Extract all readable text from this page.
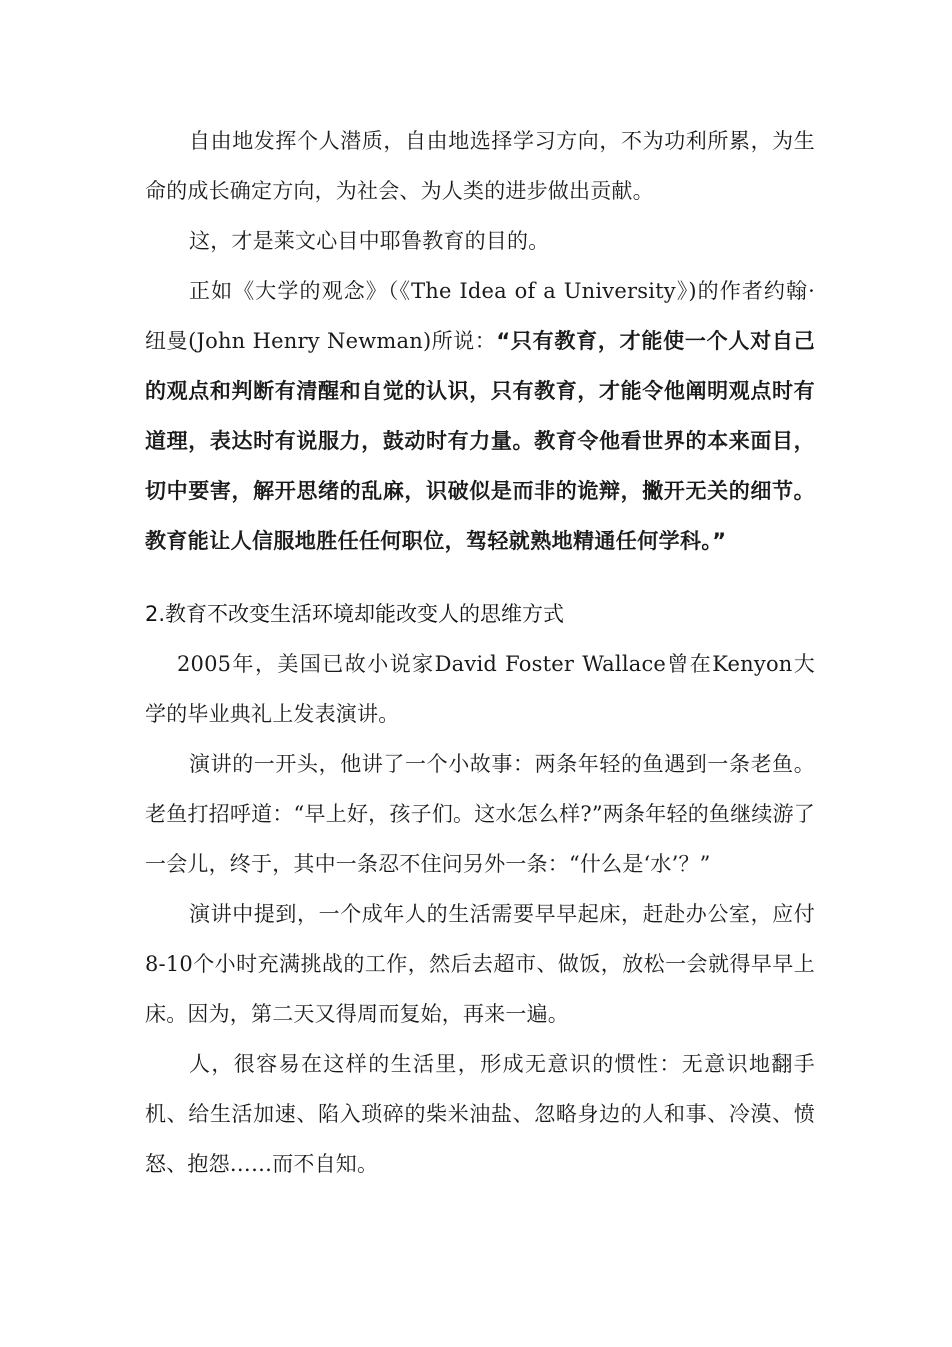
自由地发挥个人潜质，自由地选择学习方向，不为功利所累，为生命的成长确定方向，为社会、为人类的进步做出贡献。

这，才是莱文心目中耶鲁教育的目的。

正如《大学的观念》（《The Idea of a University》)的作者约翰·纽曼(John Henry Newman)所说：“只有教育，才能使一个人对自己的观点和判断有清醒和自觉的认识，只有教育，才能令他阐明观点时有道理，表达时有说服力，鼓动时有力量。教育令他看世界的本来面目，切中要害，解开思绪的乱麻，识破似是而非的诡辩，撇开无关的细节。教育能让人信服地胜任任何职位，驾轻就熟地精通任何学科。”

2.教育不改变生活环境却能改变人的思维方式

2005年，美国已故小说家David Foster Wallace曾在Kenyon大学的毕业典礼上发表演讲。

演讲的一开头，他讲了一个小故事：两条年轻的鱼遇到一条老鱼。老鱼打招呼道：“早上好，孩子们。这水怎么样?”两条年轻的鱼继续游了一会儿，终于，其中一条忍不住问另外一条：“什么是‘水’？”

演讲中提到，一个成年人的生活需要早早起床，赶赴办公室，应付8-10个小时充满挑战的工作，然后去超市、做饭，放松一会就得早早上床。因为，第二天又得周而复始，再来一遍。

人，很容易在这样的生活里，形成无意识的惯性：无意识地翻手机、给生活加速、陷入琐碎的柴米油盐、忽略身边的人和事、冷漠、愤怒、抱怨……而不自知。
